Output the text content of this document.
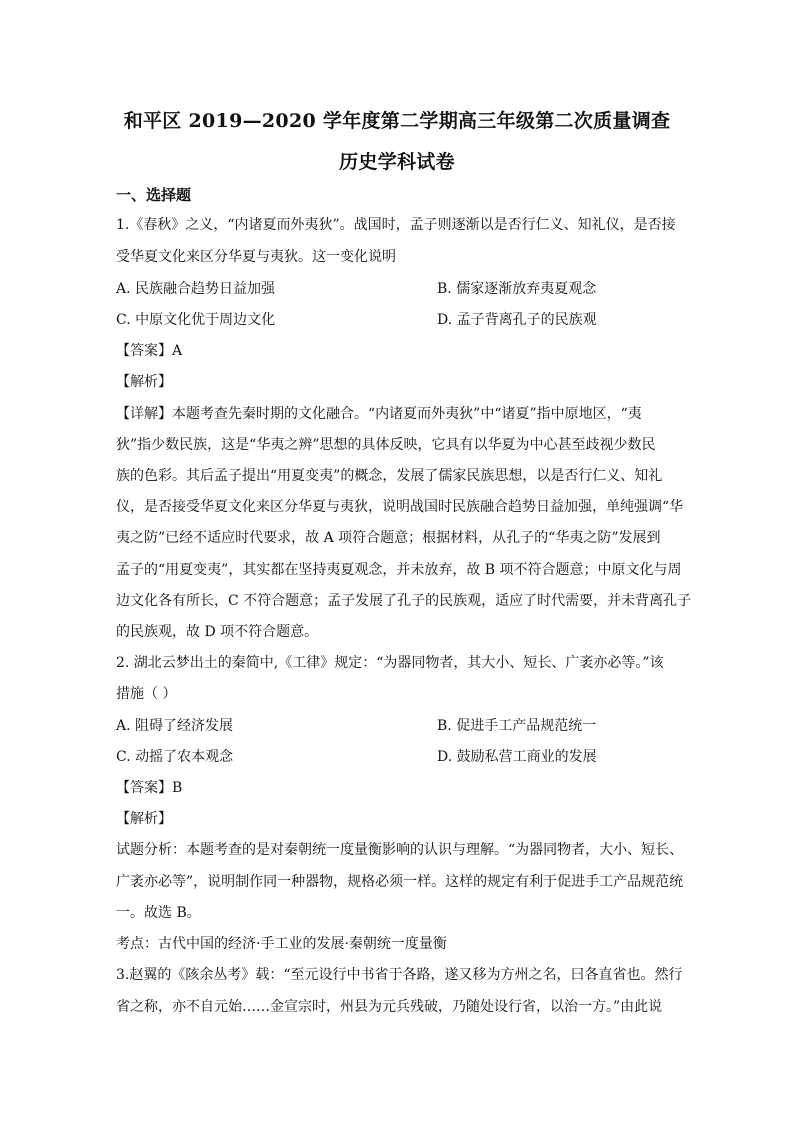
和平区 2019—2020 学年度第二学期高三年级第二次质量调查
历史学科试卷
一、选择题
1.《春秋》之义，“内诸夏而外夷狄”。战国时，孟子则逐渐以是否行仁义、知礼仪，是否接
受华夏文化来区分华夏与夷狄。这一变化说明
A. 民族融合趋势日益加强	B. 儒家逐渐放弃夷夏观念
C. 中原文化优于周边文化	D. 孟子背离孔子的民族观
【答案】A
【解析】
【详解】本题考查先秦时期的文化融合。“内诸夏而外夷狄”中“诸夏”指中原地区，“夷
狄”指少数民族，这是“华夷之辨”思想的具体反映，它具有以华夏为中心甚至歧视少数民
族的色彩。其后孟子提出“用夏变夷”的概念，发展了儒家民族思想，以是否行仁义、知礼
仪，是否接受华夏文化来区分华夏与夷狄，说明战国时民族融合趋势日益加强，单纯强调“华
夷之防”已经不适应时代要求，故 A 项符合题意；根据材料，从孔子的“华夷之防”发展到
孟子的“用夏变夷”，其实都在坚持夷夏观念，并未放弃，故 B 项不符合题意；中原文化与周
边文化各有所长，C 不符合题意；孟子发展了孔子的民族观，适应了时代需要，并未背离孔子
的民族观，故 D 项不符合题意。
2. 湖北云梦出土的秦简中,《工律》规定：“为器同物者，其大小、短长、广袤亦必等。”该
措施（ ）
A. 阻碍了经济发展	B. 促进手工产品规范统一
C. 动摇了农本观念	D. 鼓励私营工商业的发展
【答案】B
【解析】
试题分析：本题考查的是对秦朝统一度量衡影响的认识与理解。“为器同物者，大小、短长、
广袤亦必等”，说明制作同一种器物，规格必须一样。这样的规定有利于促进手工产品规范统
一。故选 B。
考点：古代中国的经济·手工业的发展·秦朝统一度量衡
3.赵翼的《陔余丛考》载：“至元设行中书省于各路，遂又移为方州之名，曰各直省也。然行
省之称，亦不自元始……金宣宗时，州县为元兵残破，乃随处设行省，以治一方。”由此说
